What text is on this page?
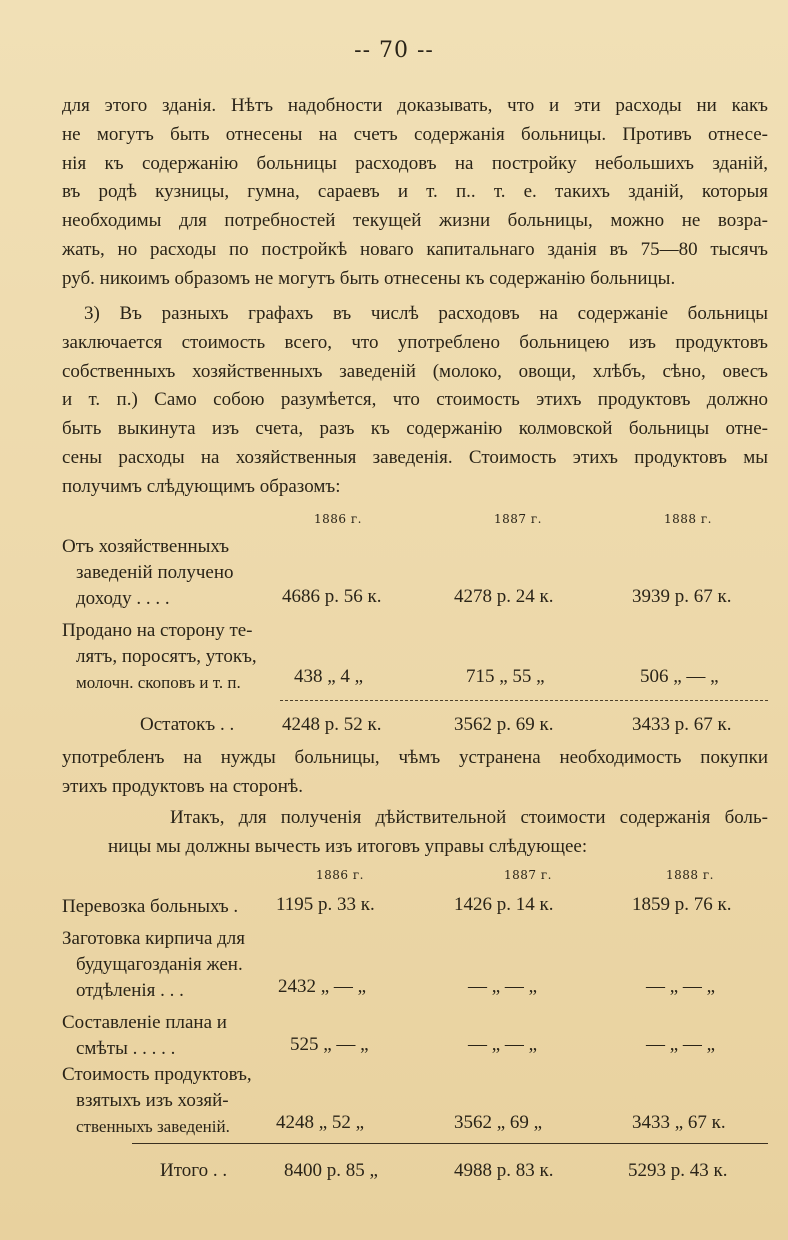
-- 70 --
для этого зданія. Нѣтъ надобности доказывать, что и эти расходы ни какъ
не могутъ быть отнесены на счетъ содержанія больницы. Противъ отнесе-
нія къ содержанію больницы расходовъ на постройку небольшихъ зданій,
въ родѣ кузницы, гумна, сараевъ и т. п.. т. е. такихъ зданій, которыя
необходимы для потребностей текущей жизни больницы, можно не возра-
жать, но расходы по постройкѣ новаго капитальнаго зданія въ 75—80 тысячъ
руб. никоимъ образомъ не могутъ быть отнесены къ содержанію больницы.
3) Въ разныхъ графахъ въ числѣ расходовъ на содержаніе больницы
заключается стоимость всего, что употреблено больницею изъ продуктовъ
собственныхъ хозяйственныхъ заведеній (молоко, овощи, хлѣбъ, сѣно, овесъ
и т. п.) Само собою разумѣется, что стоимость этихъ продуктовъ должно
быть выкинута изъ счета, разъ къ содержанію колмовской больницы отне-
сены расходы на хозяйственныя заведенія. Стоимость этихъ продуктовъ мы
получимъ слѣдующимъ образомъ:
1886 г.	1887 г.	1888 г.
Отъ хозяйственныхъ
заведеній получено
доходу . . . .	4686 р. 56 к.	4278 р. 24 к.	3939 р. 67 к.
Продано на сторону те-
лятъ, поросятъ, утокъ,
молочн. скоповъ и т. п.	438 „ 4 „	715 „ 55 „	506 „ — „
Остатокъ . .	4248 р. 52 к.	3562 р. 69 к.	3433 р. 67 к.
употребленъ на нужды больницы, чѣмъ устранена необходимость покупки
этихъ продуктовъ на сторонѣ.
Итакъ, для полученія дѣйствительной стоимости содержанія боль-
ницы мы должны вычесть изъ итоговъ управы слѣдующее:
1886 г.	1887 г.	1888 г.
Перевозка больныхъ .	1195 р. 33 к.	1426 р. 14 к.	1859 р. 76 к.
Заготовка кирпича для
будущагозданія жен.
отдѣленія . . .	2432 „ — „	— „ — „	— „ — „
Составленіе плана и
смѣты . . . . .	525 „ — „	— „ — „	— „ — „
Стоимость продуктовъ,
взятыхъ изъ хозяй-
ственныхъ заведеній.	4248 „ 52 „	3562 „ 69 „	3433 „ 67 к.
Итого . .	8400 р. 85 „	4988 р. 83 к.	5293 р. 43 к.
